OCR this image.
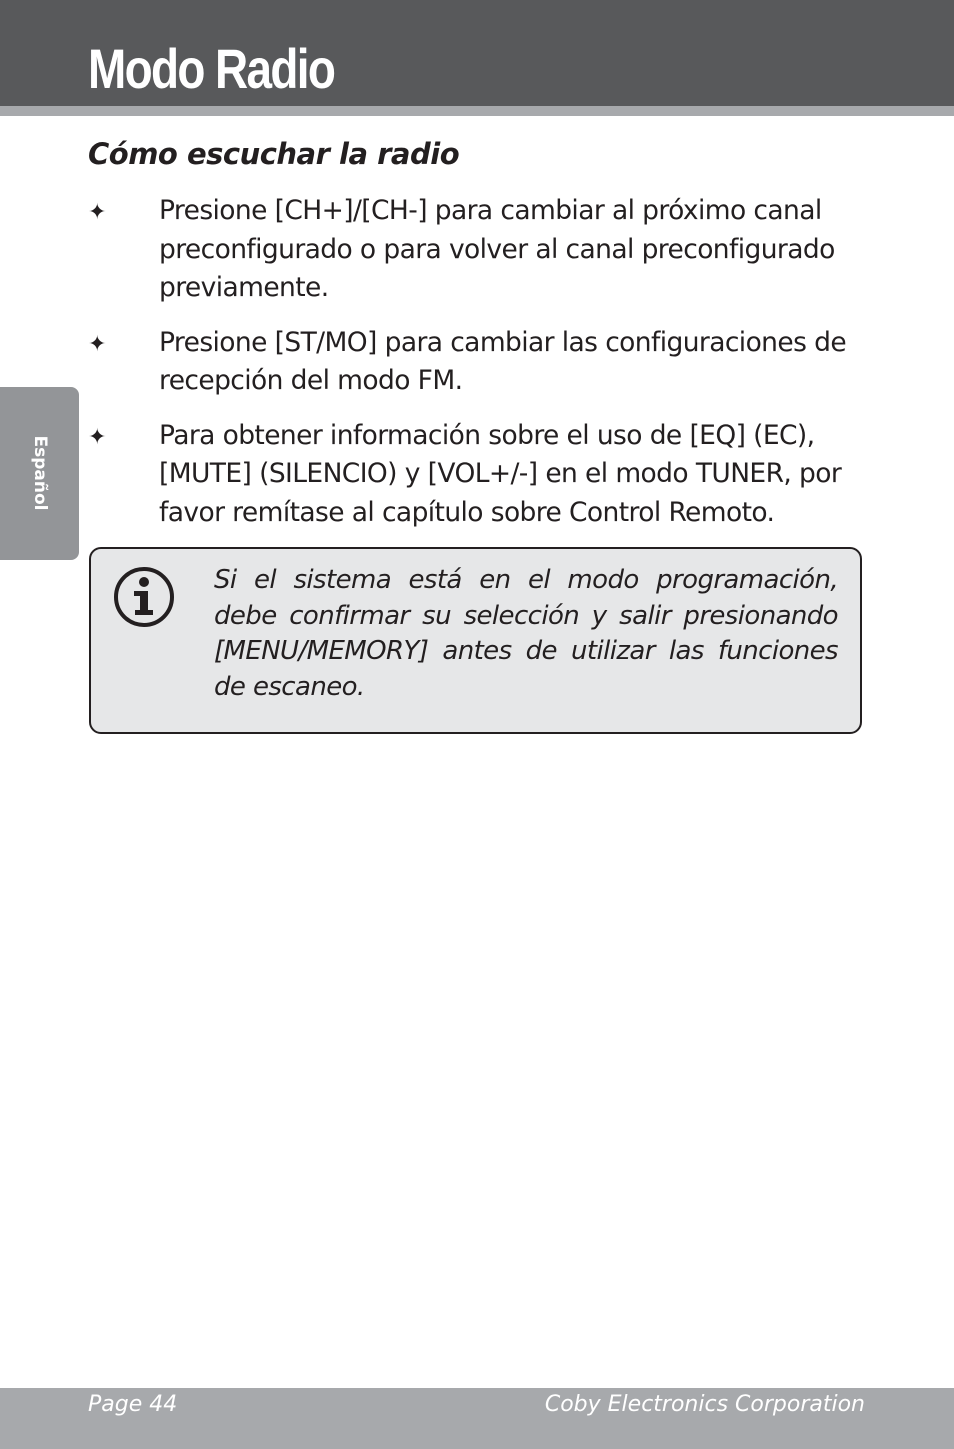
Modo Radio
Español
Cómo escuchar la radio
✦ Presione [CH+]/[CH-] para cambiar al próximo canal preconfigurado o para volver al canal preconfigurado previamente.
✦ Presione [ST/MO] para cambiar las configuraciones de recepción del modo FM.
✦ Para obtener información sobre el uso de [EQ] (EC), [MUTE] (SILENCIO) y [VOL+/-] en el modo TUNER, por favor remítase al capítulo sobre Control Remoto.

Si el sistema está en el modo programación, debe confirmar su selección y salir presionando [MENU/MEMORY] antes de utilizar las funciones de escaneo.

Page 44	Coby Electronics Corporation
